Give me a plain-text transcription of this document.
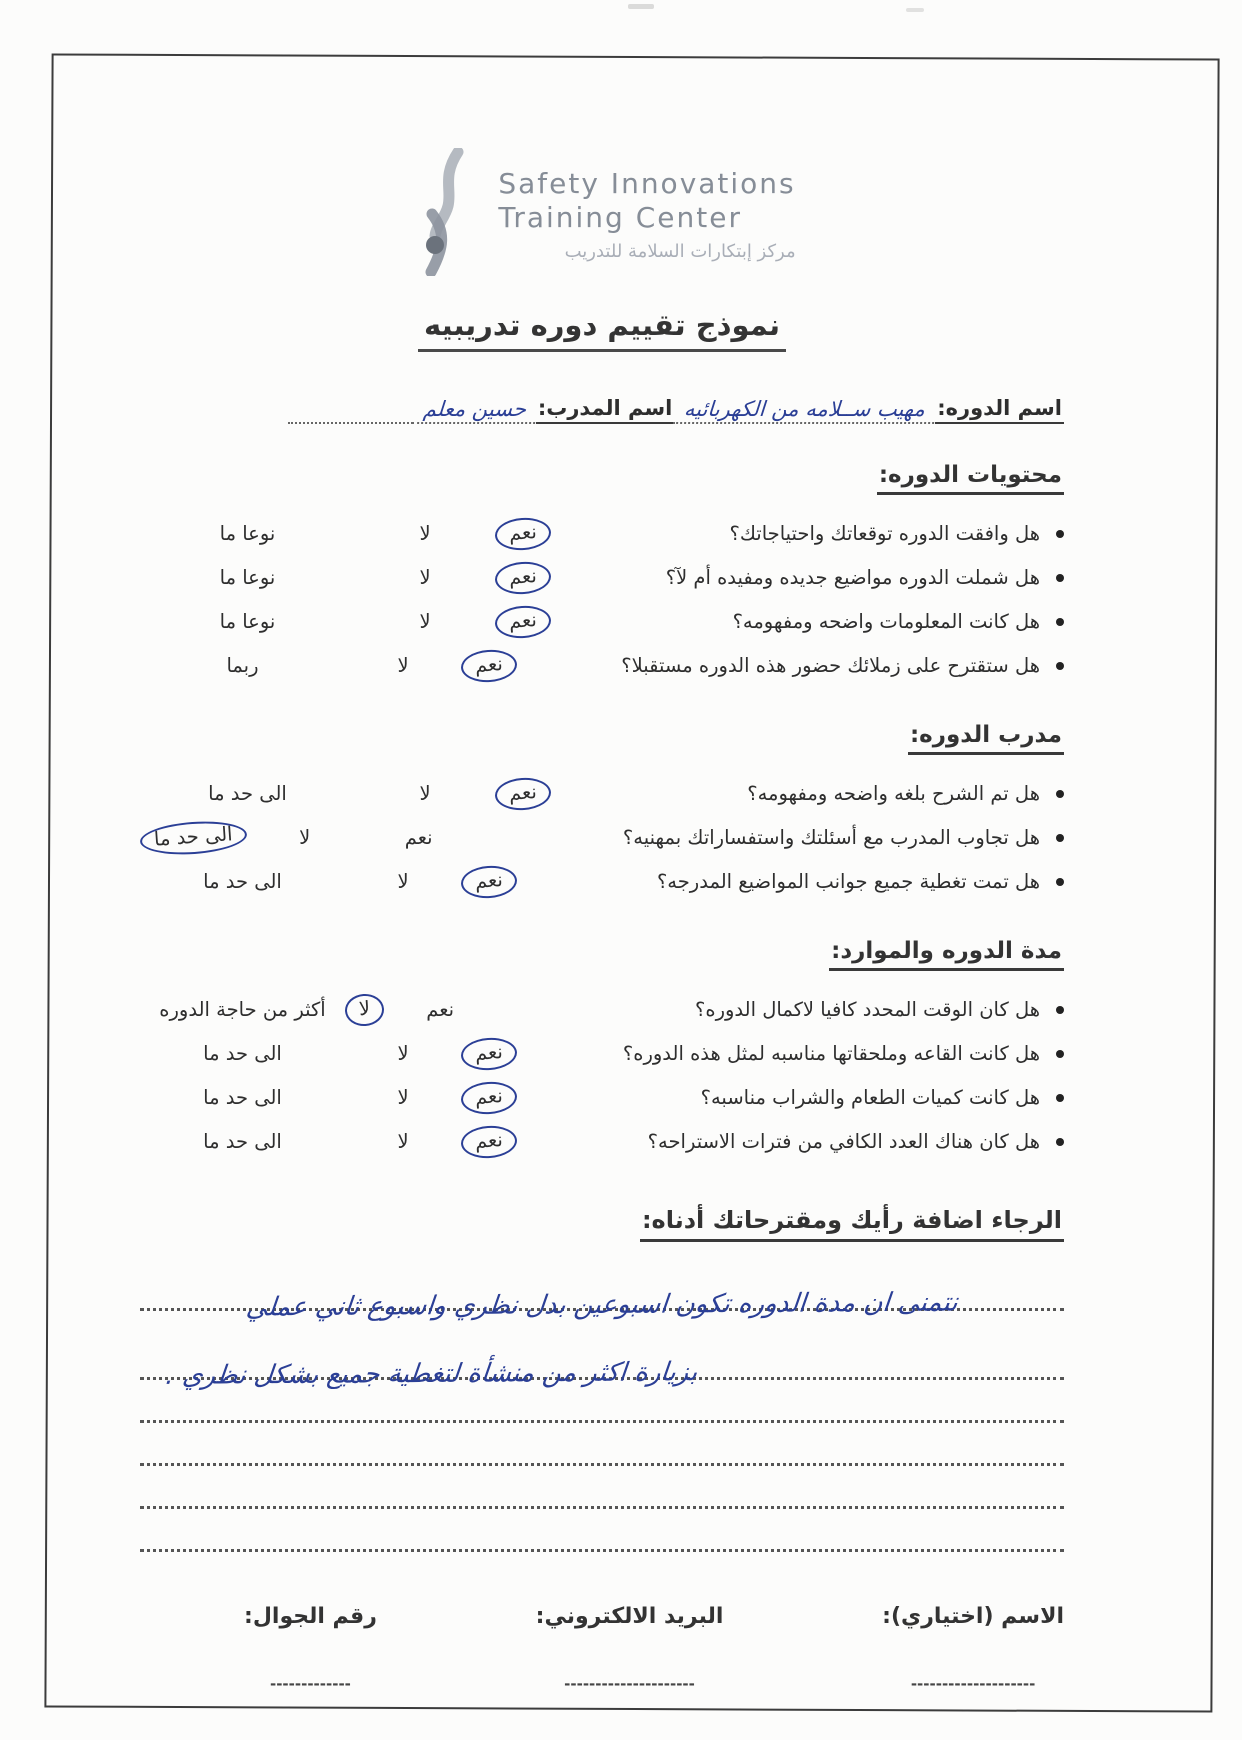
Safety Innovations
Training Center
مركز إبتكارات السلامة للتدريب
نموذج تقييم دوره تدريبيه
اسم الدوره:
مهيب ســلامه من الكهربائيه
اسم المدرب:
حسين معلم
محتويات الدوره:
هل وافقت الدوره توقعاتك واحتياجاتك؟
نعم
لا
نوعا ما
هل شملت الدوره مواضيع جديده ومفيده أم لآ؟
نعم
لا
نوعا ما
هل كانت المعلومات واضحه ومفهومه؟
نعم
لا
نوعا ما
هل ستقترح على زملائك حضور هذه الدوره مستقبلا؟
نعم
لا
ربما
مدرب الدوره:
هل تم الشرح بلغه واضحه ومفهومه؟
نعم
لا
الى حد ما
هل تجاوب المدرب مع أسئلتك واستفساراتك بمهنيه؟
نعم
لا
الى حد ما
هل تمت تغطية جميع جوانب المواضيع المدرجه؟
نعم
لا
الى حد ما
مدة الدوره والموارد:
هل كان الوقت المحدد كافيا لاكمال الدوره؟
نعم
لا
أكثر من حاجة الدوره
هل كانت القاعه وملحقاتها مناسبه لمثل هذه الدوره؟
نعم
لا
الى حد ما
هل كانت كميات الطعام والشراب مناسبه؟
نعم
لا
الى حد ما
هل كان هناك العدد الكافي من فترات الاستراحه؟
نعم
لا
الى حد ما
الرجاء اضافة رأيك ومقترحاتك أدناه:
نتمنى ان مدة الدوره تكون اسبوعين بدل نظري واسبوع ثاني عملي
بزيارة اكثر من منشأة لتغطية جميع بشكل نظري .
الاسم (اختياري):
--------------------
البريد الالكتروني:
---------------------
رقم الجوال:
-------------
